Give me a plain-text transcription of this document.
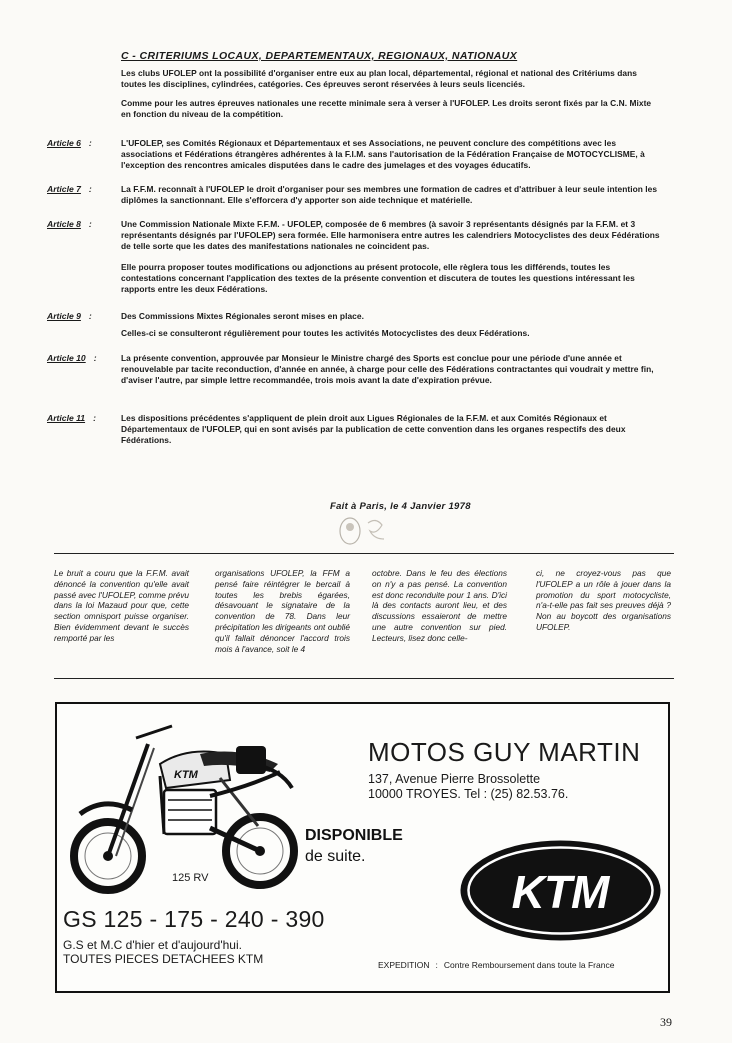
C - CRITERIUMS LOCAUX, DEPARTEMENTAUX, REGIONAUX, NATIONAUX
Les clubs UFOLEP ont la possibilité d'organiser entre eux au plan local, départemental, régional et national des Critériums dans toutes les disciplines, cylindrées, catégories. Ces épreuves seront réservées à leurs seuls licenciés.
Comme pour les autres épreuves nationales une recette minimale sera à verser à l'UFOLEP. Les droits seront fixés par la C.N. Mixte en fonction du niveau de la compétition.
Article 6 :	L'UFOLEP, ses Comités Régionaux et Départementaux et ses Associations, ne peuvent conclure des compétitions avec les associations et Fédérations étrangères adhérentes à la F.I.M. sans l'autorisation de la Fédération Française de MOTOCYCLISME, à l'exception des rencontres amicales disputées dans le cadre des jumelages et des voyages éducatifs.
Article 7 :	La F.F.M. reconnaît à l'UFOLEP le droit d'organiser pour ses membres une formation de cadres et d'attribuer à leur seule intention les diplômes la sanctionnant. Elle s'efforcera d'y apporter son aide technique et matérielle.
Article 8 :	Une Commission Nationale Mixte F.F.M. - UFOLEP, composée de 6 membres (à savoir 3 représentants désignés par la F.F.M. et 3 représentants désignés par l'UFOLEP) sera formée. Elle harmonisera entre autres les calendriers Motocyclistes des deux Fédérations de telle sorte que les dates des manifestations nationales ne coincident pas.
Elle pourra proposer toutes modifications ou adjonctions au présent protocole, elle règlera tous les différends, toutes les contestations concernant l'application des textes de la présente convention et discutera de toutes les questions intéressant les rapports entre les deux Fédérations.
Article 9 :	Des Commissions Mixtes Régionales seront mises en place.
Celles-ci se consulteront régulièrement pour toutes les activités Motocyclistes des deux Fédérations.
Article 10 :	La présente convention, approuvée par Monsieur le Ministre chargé des Sports est conclue pour une période d'une année et renouvelable par tacite reconduction, d'année en année, à charge pour celle des Fédérations contractantes qui voudrait y mettre fin, d'aviser l'autre, par simple lettre recommandée, trois mois avant la date d'expiration prévue.
Article 11 :	Les dispositions précédentes s'appliquent de plein droit aux Ligues Régionales de la F.F.M. et aux Comités Régionaux et Départementaux de l'UFOLEP, qui en sont avisés par la publication de cette convention dans les organes respectifs des deux Fédérations.
Fait à Paris, le 4 Janvier 1978
Le bruit a couru que la F.F.M. avait dénoncé la convention qu'elle avait passé avec l'UFOLEP, comme prévu dans la loi Mazaud pour que, cette section omnisport puisse organiser. Bien évidemment devant le succès remporté par les
organisations UFOLEP, la FFM a pensé faire réintégrer le bercail à toutes les brebis égarées, désavouant le signataire de la convention de 78. Dans leur précipitation les dirigeants ont oublié qu'il fallait dénoncer l'accord trois mois à l'avance, soit le 4
octobre. Dans le feu des élections on n'y a pas pensé. La convention est donc reconduite pour 1 ans. D'ici là des contacts auront lieu, et des discussions essaieront de mettre une autre convention sur pied. Lecteurs, lisez donc celle-
ci, ne croyez-vous pas que l'UFOLEP a un rôle à jouer dans la promotion du sport motocycliste, n'a-t-elle pas fait ses preuves déjà ? Non au boycott des organisations UFOLEP.
KTM
MOTOS GUY MARTIN
137, Avenue Pierre Brossolette
10000 TROYES. Tel : (25) 82.53.76.
DISPONIBLE
de suite.
125 RV
GS 125 - 175 - 240 - 390
G.S et M.C d'hier et d'aujourd'hui.
TOUTES PIECES DETACHEES KTM
KTM
EXPEDITION : Contre Remboursement dans toute la France
39
